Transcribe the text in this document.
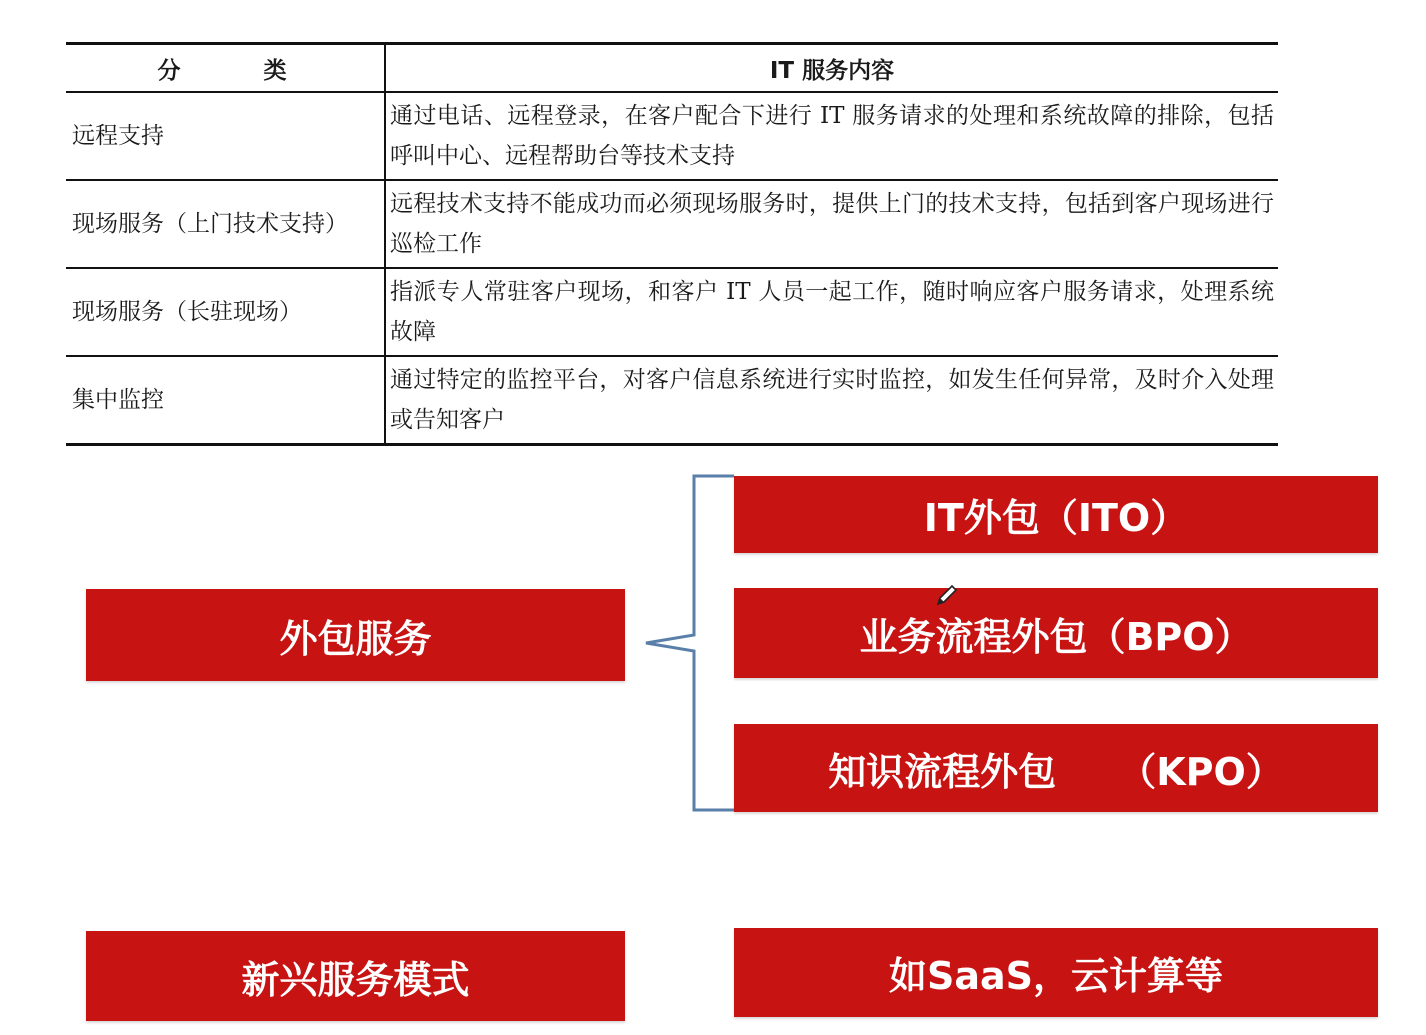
分　类	IT 服务内容
远程支持	通过电话、远程登录，在客户配合下进行 IT 服务请求的处理和系统故障的排除，包括呼叫中心、远程帮助台等技术支持
现场服务（上门技术支持）	远程技术支持不能成功而必须现场服务时，提供上门的技术支持，包括到客户现场进行巡检工作
现场服务（长驻现场）	指派专人常驻客户现场，和客户 IT 人员一起工作，随时响应客户服务请求，处理系统故障
集中监控	通过特定的监控平台，对客户信息系统进行实时监控，如发生任何异常，及时介入处理或告知客户
外包服务
IT外包（ITO）
业务流程外包（BPO）
知识流程外包 （KPO）
新兴服务模式	如SaaS，云计算等
